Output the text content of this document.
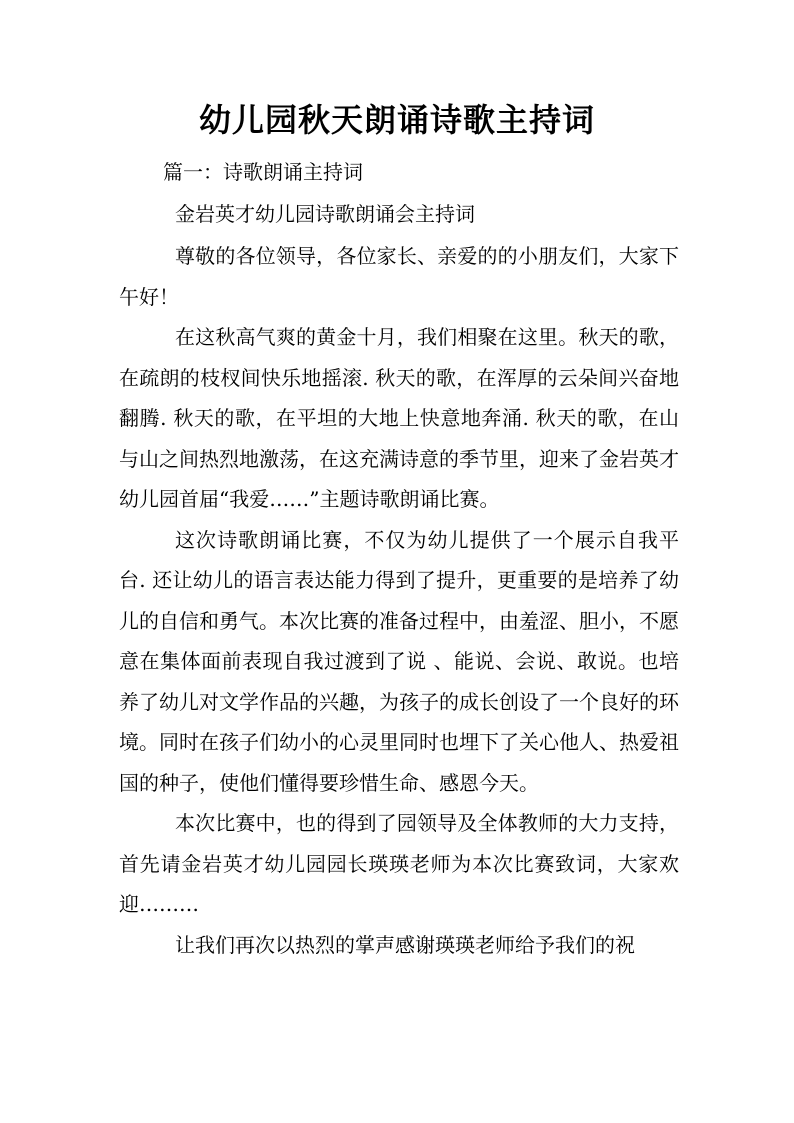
幼儿园秋天朗诵诗歌主持词
篇一：诗歌朗诵主持词
金岩英才幼儿园诗歌朗诵会主持词

尊敬的各位领导，各位家长、亲爱的的小朋友们，大家下午好！

在这秋高气爽的黄金十月，我们相聚在这里。秋天的歌，在疏朗的枝杈间快乐地摇滚. 秋天的歌，在浑厚的云朵间兴奋地翻腾. 秋天的歌，在平坦的大地上快意地奔涌. 秋天的歌，在山与山之间热烈地激荡，在这充满诗意的季节里，迎来了金岩英才幼儿园首届“我爱……”主题诗歌朗诵比赛。

这次诗歌朗诵比赛，不仅为幼儿提供了一个展示自我平台. 还让幼儿的语言表达能力得到了提升，更重要的是培养了幼儿的自信和勇气。本次比赛的准备过程中，由羞涩、胆小，不愿意在集体面前表现自我过渡到了说 、能说、会说、敢说。也培养了幼儿对文学作品的兴趣，为孩子的成长创设了一个良好的环境。同时在孩子们幼小的心灵里同时也埋下了关心他人、热爱祖国的种子，使他们懂得要珍惜生命、感恩今天。

本次比赛中，也的得到了园领导及全体教师的大力支持，首先请金岩英才幼儿园园长瑛瑛老师为本次比赛致词，大家欢迎………

让我们再次以热烈的掌声感谢瑛瑛老师给予我们的祝
